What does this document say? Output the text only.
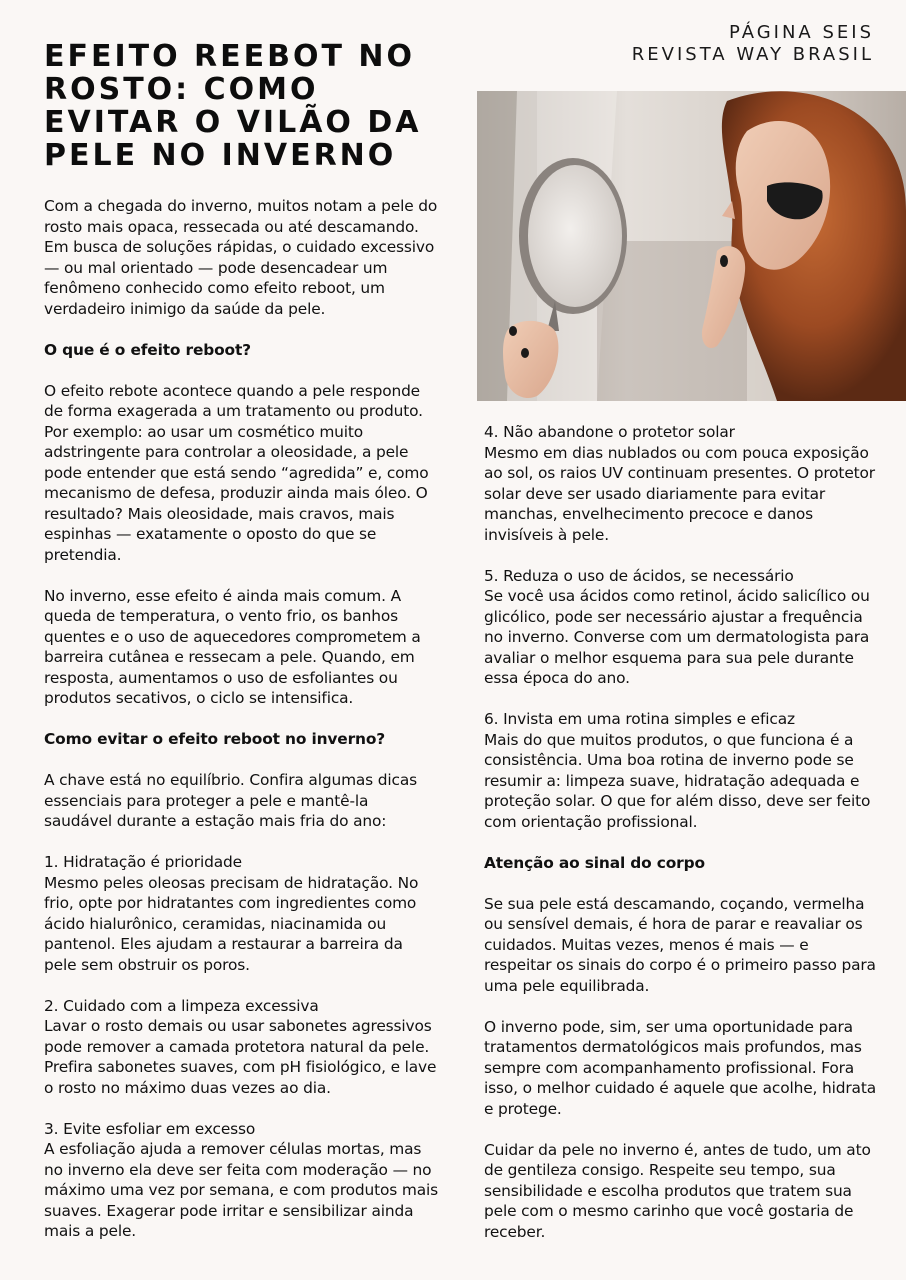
PÁGINA SEIS
REVISTA WAY BRASIL
EFEITO REEBOT NO ROSTO: COMO EVITAR O VILÃO DA PELE NO INVERNO

Com a chegada do inverno, muitos notam a pele do rosto mais opaca, ressecada ou até descamando. Em busca de soluções rápidas, o cuidado excessivo — ou mal orientado — pode desencadear um fenômeno conhecido como efeito reboot, um verdadeiro inimigo da saúde da pele.

O que é o efeito reboot?

O efeito rebote acontece quando a pele responde de forma exagerada a um tratamento ou produto. Por exemplo: ao usar um cosmético muito adstringente para controlar a oleosidade, a pele pode entender que está sendo “agredida” e, como mecanismo de defesa, produzir ainda mais óleo. O resultado? Mais oleosidade, mais cravos, mais espinhas — exatamente o oposto do que se pretendia.

No inverno, esse efeito é ainda mais comum. A queda de temperatura, o vento frio, os banhos quentes e o uso de aquecedores comprometem a barreira cutânea e ressecam a pele. Quando, em resposta, aumentamos o uso de esfoliantes ou produtos secativos, o ciclo se intensifica.

Como evitar o efeito reboot no inverno?

A chave está no equilíbrio. Confira algumas dicas essenciais para proteger a pele e mantê-la saudável durante a estação mais fria do ano:

1. Hidratação é prioridade
Mesmo peles oleosas precisam de hidratação. No frio, opte por hidratantes com ingredientes como ácido hialurônico, ceramidas, niacinamida ou pantenol. Eles ajudam a restaurar a barreira da pele sem obstruir os poros.

2. Cuidado com a limpeza excessiva
Lavar o rosto demais ou usar sabonetes agressivos pode remover a camada protetora natural da pele. Prefira sabonetes suaves, com pH fisiológico, e lave o rosto no máximo duas vezes ao dia.

3. Evite esfoliar em excesso
A esfoliação ajuda a remover células mortas, mas no inverno ela deve ser feita com moderação — no máximo uma vez por semana, e com produtos mais suaves. Exagerar pode irritar e sensibilizar ainda mais a pele.

4. Não abandone o protetor solar
Mesmo em dias nublados ou com pouca exposição ao sol, os raios UV continuam presentes. O protetor solar deve ser usado diariamente para evitar manchas, envelhecimento precoce e danos invisíveis à pele.

5. Reduza o uso de ácidos, se necessário
Se você usa ácidos como retinol, ácido salicílico ou glicólico, pode ser necessário ajustar a frequência no inverno. Converse com um dermatologista para avaliar o melhor esquema para sua pele durante essa época do ano.

6. Invista em uma rotina simples e eficaz
Mais do que muitos produtos, o que funciona é a consistência. Uma boa rotina de inverno pode se resumir a: limpeza suave, hidratação adequada e proteção solar. O que for além disso, deve ser feito com orientação profissional.

Atenção ao sinal do corpo

Se sua pele está descamando, coçando, vermelha ou sensível demais, é hora de parar e reavaliar os cuidados. Muitas vezes, menos é mais — e respeitar os sinais do corpo é o primeiro passo para uma pele equilibrada.

O inverno pode, sim, ser uma oportunidade para tratamentos dermatológicos mais profundos, mas sempre com acompanhamento profissional. Fora isso, o melhor cuidado é aquele que acolhe, hidrata e protege.

Cuidar da pele no inverno é, antes de tudo, um ato de gentileza consigo. Respeite seu tempo, sua sensibilidade e escolha produtos que tratem sua pele com o mesmo carinho que você gostaria de receber.
